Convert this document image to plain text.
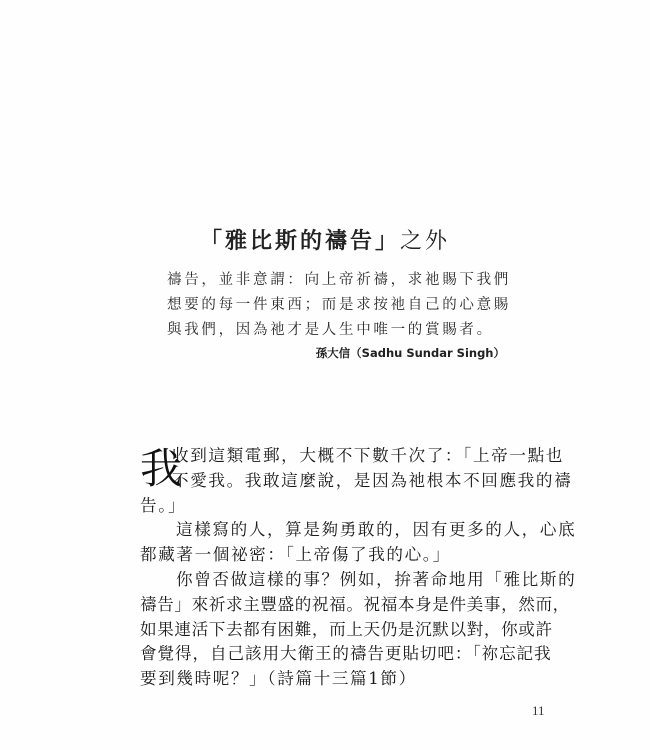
「雅比斯的禱告」之外
禱告，並非意謂：向上帝祈禱，求祂賜下我們
想要的每一件東西；而是求按祂自己的心意賜
與我們，因為祂才是人生中唯一的賞賜者。
孫大信（Sadhu Sundar Singh）
我
收到這類電郵，大概不下數千次了：「上帝一點也
不愛我。我敢這麼說，是因為祂根本不回應我的禱
告。」
這樣寫的人，算是夠勇敢的，因有更多的人，心底
都藏著一個祕密：「上帝傷了我的心。」
你曾否做這樣的事？例如，拚著命地用「雅比斯的
禱告」來祈求主豐盛的祝福。祝福本身是件美事，然而，
如果連活下去都有困難，而上天仍是沉默以對，你或許
會覺得，自己該用大衛王的禱告更貼切吧：「祢忘記我
要到幾時呢？」（詩篇十三篇1節）
11
